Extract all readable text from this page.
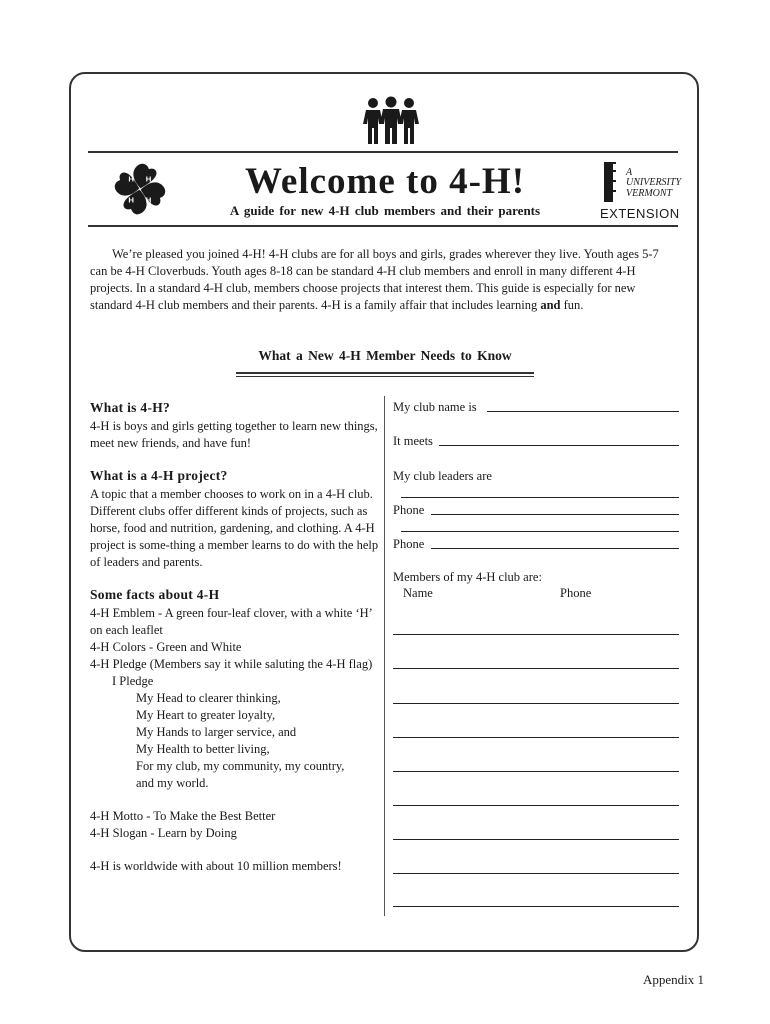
H H
H H	Welcome to 4-H!
A guide for new 4-H club members and their parents
A
UNIVERSITY
VERMONT
EXTENSION
We’re pleased you joined 4-H! 4-H clubs are for all boys and girls, grades wherever they live. Youth ages 5-7 can be 4-H Cloverbuds. Youth ages 8-18 can be standard 4-H club members and enroll in many different 4-H projects. In a standard 4-H club, members choose projects that interest them. This guide is especially for new standard 4-H club members and their parents. 4-H is a family affair that includes learning and fun.
What a New 4-H Member Needs to Know
What is 4-H?

4-H is boys and girls getting together to learn new things, meet new friends, and have fun!

What is a 4-H project?

A topic that a member chooses to work on in a 4-H club. Different clubs offer different kinds of projects, such as horse, food and nutrition, gardening, and clothing. A 4-H project is some-thing a member learns to do with the help of leaders and parents.

Some facts about 4-H

4-H Emblem - A green four-leaf clover, with a white ‘H’ on each leaflet

4-H Colors - Green and White

4-H Pledge (Members say it while saluting the 4-H flag)

I Pledge

My Head to clearer thinking,

My Heart to greater loyalty,

My Hands to larger service, and

My Health to better living,

For my club, my community, my country,

and my world.

4-H Motto - To Make the Best Better

4-H Slogan - Learn by Doing

4-H is worldwide with about 10 million members!

My club name is
It meets
My club leaders are
Phone
Phone
Members of my 4-H club are:
Name	Phone
Appendix 1
